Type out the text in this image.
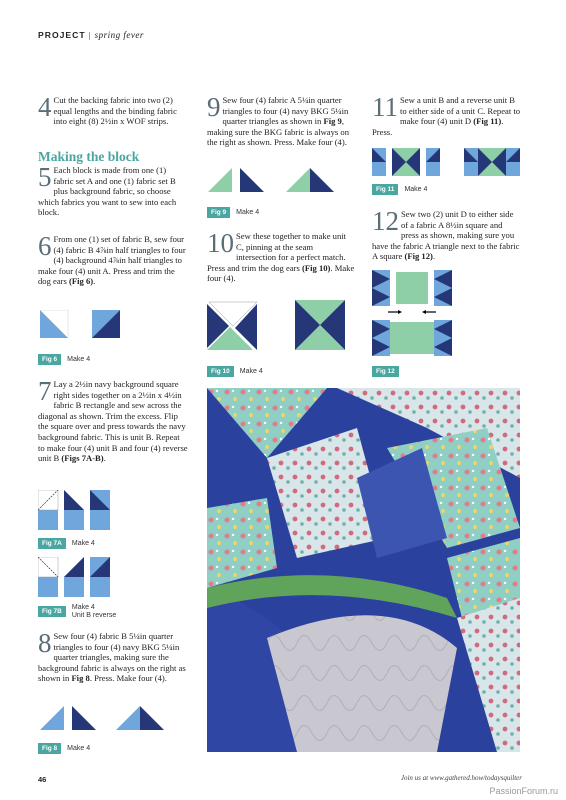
PROJECT | spring fever
4 Cut the backing fabric into two (2) equal lengths and the binding fabric into eight (8) 2½in x WOF strips.
Making the block
5 Each block is made from one (1) fabric set A and one (1) fabric set B plus background fabric, so choose which fabrics you want to sew into each block.
6 From one (1) set of fabric B, sew four (4) fabric B 4⅞in half triangles to four (4) background 4⅞in half triangles to make four (4) unit A. Press and trim the dog ears (Fig 6).
Fig 6	Make 4
7 Lay a 2½in navy background square right sides together on a 2½in x 4½in fabric B rectangle and sew across the diagonal as shown. Trim the excess. Flip the square over and press towards the navy background fabric. This is unit B. Repeat to make four (4) unit B and four (4) reverse unit B (Figs 7A-B).
Fig 7A	Make 4
Fig 7B
Make 4
Unit B reverse
8 Sew four (4) fabric B 5¼in quarter triangles to four (4) navy BKG 5¼in quarter triangles, making sure the background fabric is always on the right as shown in Fig 8. Press. Make four (4).
Fig 8	Make 4
9 Sew four (4) fabric A 5¼in quarter triangles to four (4) navy BKG 5¼in quarter triangles as shown in Fig 9, making sure the BKG fabric is always on the right as shown. Press. Make four (4).
Fig 9	Make 4
10 Sew these together to make unit C, pinning at the seam intersection for a perfect match. Press and trim the dog ears (Fig 10). Make four (4).
Fig 10	Make 4
11 Sew a unit B and a reverse unit B to either side of a unit C. Repeat to make four (4) unit D (Fig 11). Press.
Fig 11	Make 4
12 Sew two (2) unit D to either side of a fabric A 8½in square and press as shown, making sure you have the fabric A triangle next to the fabric A square (Fig 12).
Fig 12
46	Join us at www.gathered.how/todaysquilter
PassionForum.ru
